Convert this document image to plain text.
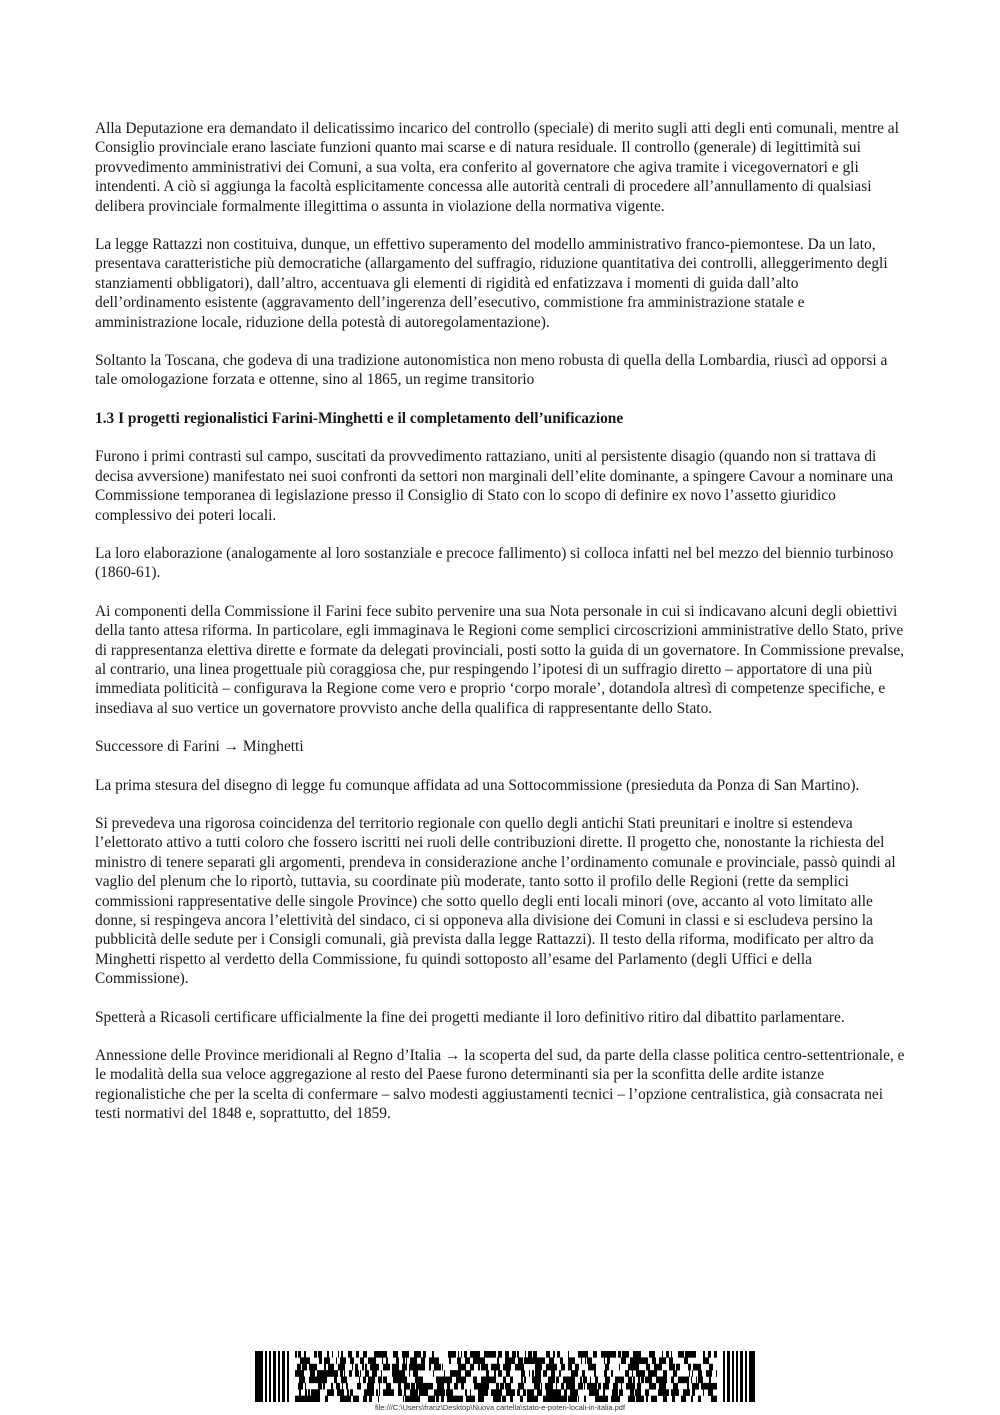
Alla Deputazione era demandato il delicatissimo incarico del controllo (speciale) di merito sugli atti degli enti comunali, mentre al Consiglio provinciale erano lasciate funzioni quanto mai scarse e di natura residuale. Il controllo (generale) di legittimità sui provvedimento amministrativi dei Comuni, a sua volta, era conferito al governatore che agiva tramite i vicegovernatori e gli intendenti. A ciò si aggiunga la facoltà esplicitamente concessa alle autorità centrali di procedere all’annullamento di qualsiasi delibera provinciale formalmente illegittima o assunta in violazione della normativa vigente.

La legge Rattazzi non costituiva, dunque, un effettivo superamento del modello amministrativo franco-piemontese. Da un lato, presentava caratteristiche più democratiche (allargamento del suffragio, riduzione quantitativa dei controlli, alleggerimento degli stanziamenti obbligatori), dall’altro, accentuava gli elementi di rigidità ed enfatizzava i momenti di guida dall’alto dell’ordinamento esistente (aggravamento dell’ingerenza dell’esecutivo, commistione fra amministrazione statale e amministrazione locale, riduzione della potestà di autoregolamentazione).

Soltanto la Toscana, che godeva di una tradizione autonomistica non meno robusta di quella della Lombardia, riuscì ad opporsi a tale omologazione forzata e ottenne, sino al 1865, un regime transitorio

1.3 I progetti regionalistici Farini-Minghetti e il completamento dell’unificazione

Furono i primi contrasti sul campo, suscitati da provvedimento rattaziano, uniti al persistente disagio (quando non si trattava di decisa avversione) manifestato nei suoi confronti da settori non marginali dell’elite dominante, a spingere Cavour a nominare una Commissione temporanea di legislazione presso il Consiglio di Stato con lo scopo di definire ex novo l’assetto giuridico complessivo dei poteri locali.

La loro elaborazione (analogamente al loro sostanziale e precoce fallimento) si colloca infatti nel bel mezzo del biennio turbinoso (1860-61).

Ai componenti della Commissione il Farini fece subito pervenire una sua Nota personale in cui si indicavano alcuni degli obiettivi della tanto attesa riforma. In particolare, egli immaginava le Regioni come semplici circoscrizioni amministrative dello Stato, prive di rappresentanza elettiva dirette e formate da delegati provinciali, posti sotto la guida di un governatore. In Commissione prevalse, al contrario, una linea progettuale più coraggiosa che, pur respingendo l’ipotesi di un suffragio diretto – apportatore di una più immediata politicità – configurava la Regione come vero e proprio ‘corpo morale’, dotandola altresì di competenze specifiche, e insediava al suo vertice un governatore provvisto anche della qualifica di rappresentante dello Stato.

Successore di Farini → Minghetti

La prima stesura del disegno di legge fu comunque affidata ad una Sottocommissione (presieduta da Ponza di San Martino).

Si prevedeva una rigorosa coincidenza del territorio regionale con quello degli antichi Stati preunitari e inoltre si estendeva l’elettorato attivo a tutti coloro che fossero iscritti nei ruoli delle contribuzioni dirette. Il progetto che, nonostante la richiesta del ministro di tenere separati gli argomenti, prendeva in considerazione anche l’ordinamento comunale e provinciale, passò quindi al vaglio del plenum che lo riportò, tuttavia, su coordinate più moderate, tanto sotto il profilo delle Regioni (rette da semplici commissioni rappresentative delle singole Province) che sotto quello degli enti locali minori (ove, accanto al voto limitato alle donne, si respingeva ancora l’elettività del sindaco, ci si opponeva alla divisione dei Comuni in classi e si escludeva persino la pubblicità delle sedute per i Consigli comunali, già prevista dalla legge Rattazzi). Il testo della riforma, modificato per altro da Minghetti rispetto al verdetto della Commissione, fu quindi sottoposto all’esame del Parlamento (degli Uffici e della Commissione).

Spetterà a Ricasoli certificare ufficialmente la fine dei progetti mediante il loro definitivo ritiro dal dibattito parlamentare.

Annessione delle Province meridionali al Regno d’Italia → la scoperta del sud, da parte della classe politica centro-settentrionale, e le modalità della sua veloce aggregazione al resto del Paese furono determinanti sia per la sconfitta delle ardite istanze regionalistiche che per la scelta di confermare – salvo modesti aggiustamenti tecnici – l’opzione centralistica, già consacrata nei testi normativi del 1848 e, soprattutto, del 1859.

file:///C:\Users\franz\Desktop\Nuova cartella\stato-e-poteri-locali-in-italia.pdf
